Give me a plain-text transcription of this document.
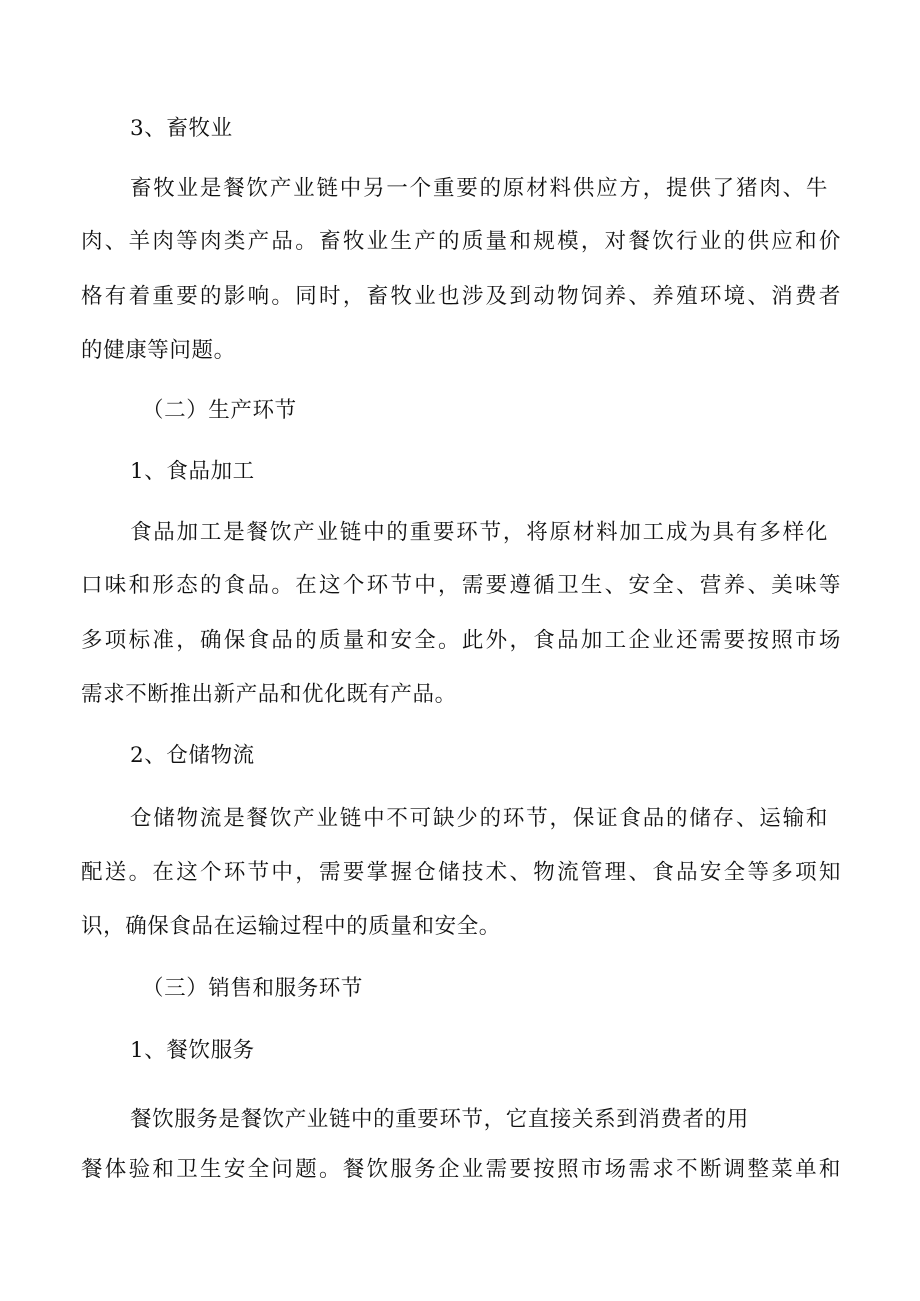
3、畜牧业
畜牧业是餐饮产业链中另一个重要的原材料供应方，提供了猪肉、牛
肉、羊肉等肉类产品。畜牧业生产的质量和规模，对餐饮行业的供应和价
格有着重要的影响。同时，畜牧业也涉及到动物饲养、养殖环境、消费者
的健康等问题。
（二）生产环节
1、食品加工
食品加工是餐饮产业链中的重要环节，将原材料加工成为具有多样化
口味和形态的食品。在这个环节中，需要遵循卫生、安全、营养、美味等
多项标准，确保食品的质量和安全。此外，食品加工企业还需要按照市场
需求不断推出新产品和优化既有产品。
2、仓储物流
仓储物流是餐饮产业链中不可缺少的环节，保证食品的储存、运输和
配送。在这个环节中，需要掌握仓储技术、物流管理、食品安全等多项知
识，确保食品在运输过程中的质量和安全。
（三）销售和服务环节
1、餐饮服务
餐饮服务是餐饮产业链中的重要环节，它直接关系到消费者的用
餐体验和卫生安全问题。餐饮服务企业需要按照市场需求不断调整菜单和
